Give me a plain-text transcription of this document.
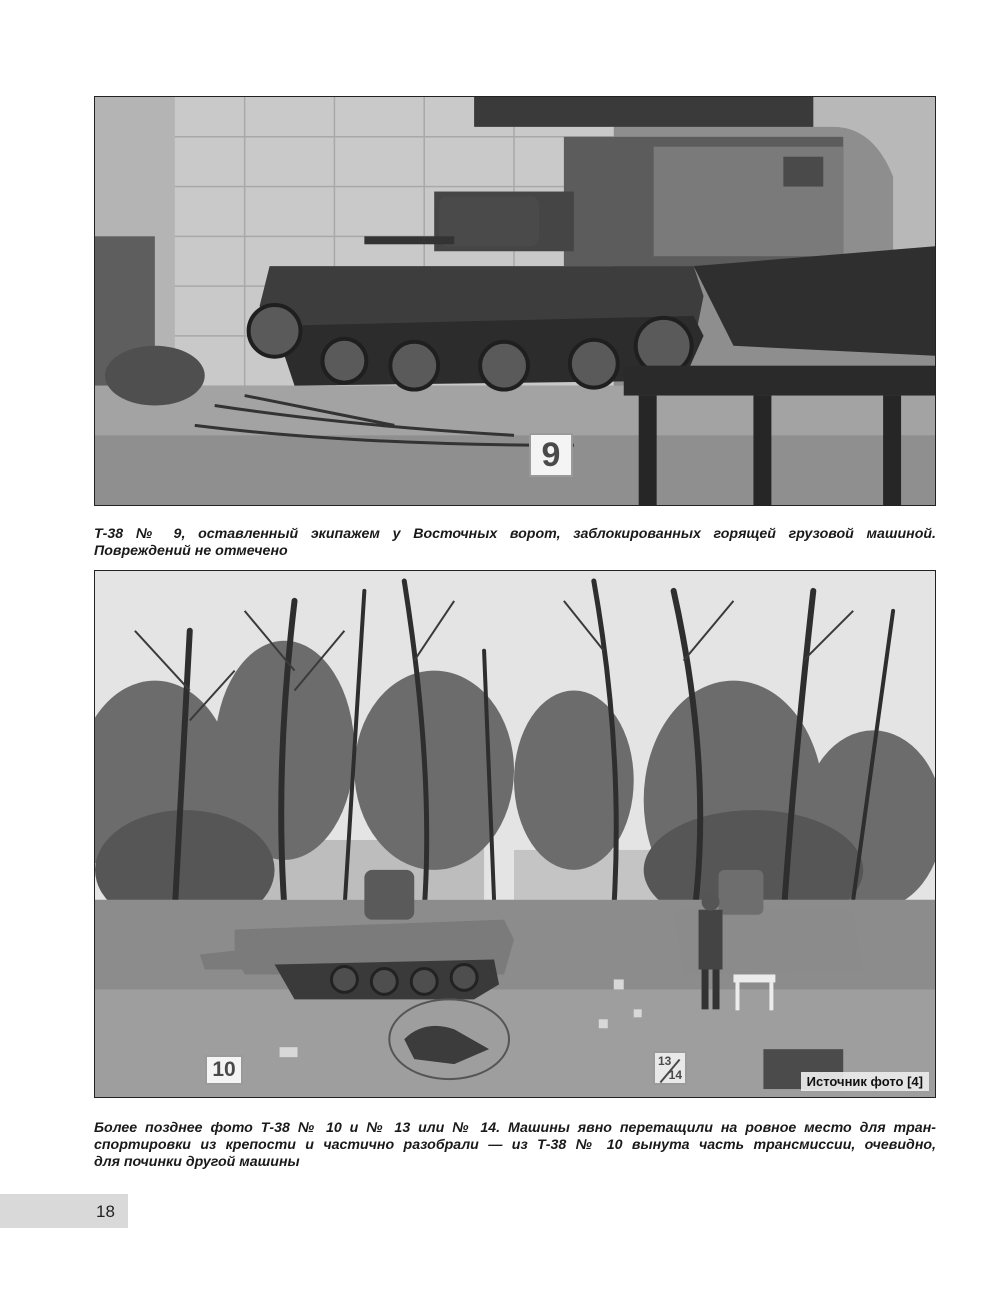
9
Т-38 № 9, оставленный экипажем у Восточных ворот, заблокированных горящей грузовой машиной.
Повреждений не отмечено
10	13
14	Источник фото [4]
Более позднее фото Т-38 № 10 и № 13 или № 14. Машины явно перетащили на ровное место для тран-
спортировки из крепости и частично разобрали — из Т-38 № 10 вынута часть трансмиссии, очевидно,
для починки другой машины
18
